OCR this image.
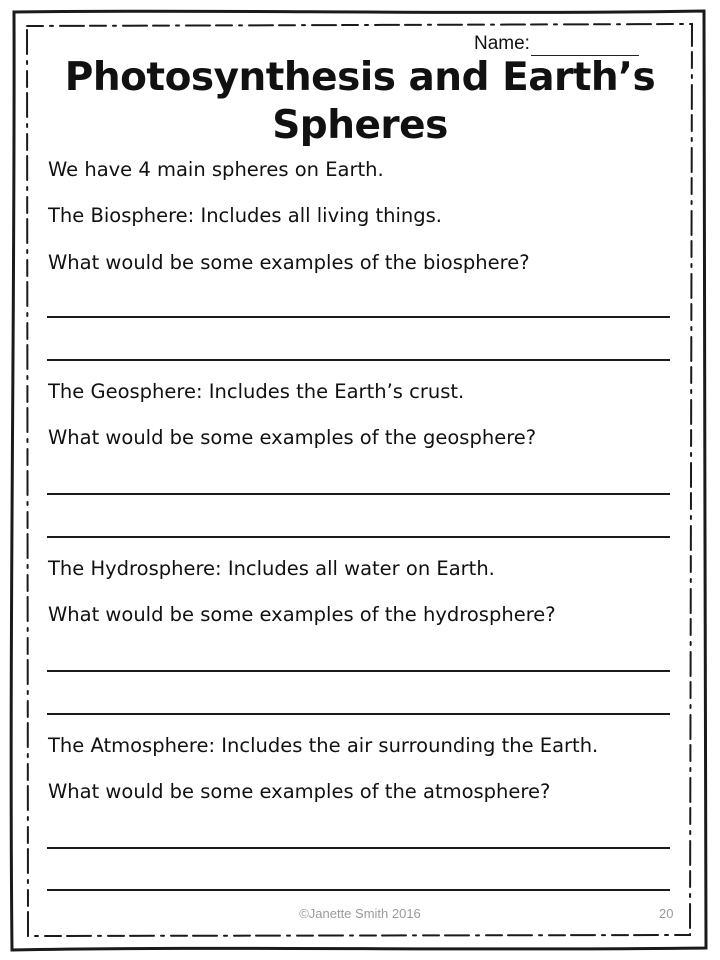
Name:
Photosynthesis and Earth’s
Spheres
We have 4 main spheres on Earth.
The Biosphere: Includes all living things.
What would be some examples of the biosphere?
The Geosphere: Includes the Earth’s crust.
What would be some examples of the geosphere?
The Hydrosphere: Includes all water on Earth.
What would be some examples of the hydrosphere?
The Atmosphere: Includes the air surrounding the Earth.
What would be some examples of the atmosphere?
©Janette Smith 2016	20
